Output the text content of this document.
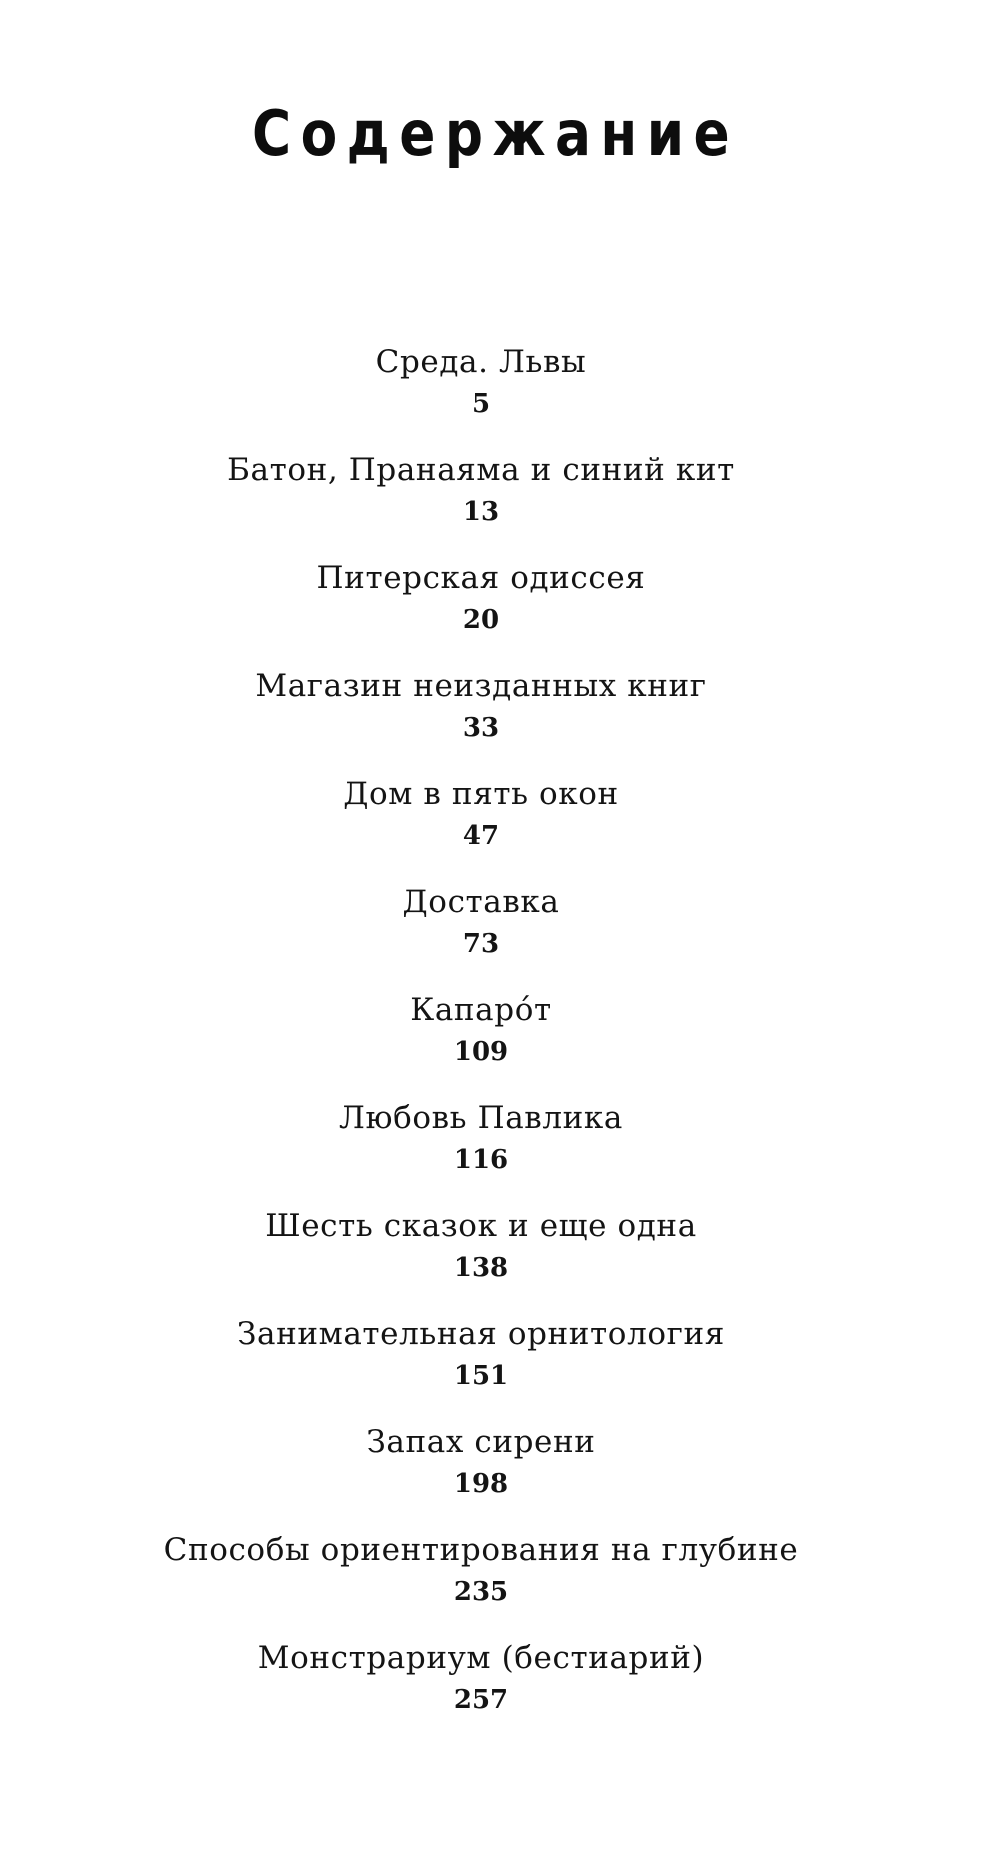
Содержание
Среда. Львы
5
Батон, Пранаяма и синий кит
13
Питерская одиссея
20
Магазин неизданных книг
33
Дом в пять окон
47
Доставка
73
Капаро́т
109
Любовь Павлика
116
Шесть сказок и еще одна
138
Занимательная орнитология
151
Запах сирени
198
Способы ориентирования на глубине
235
Монстрариум (бестиарий)
257
